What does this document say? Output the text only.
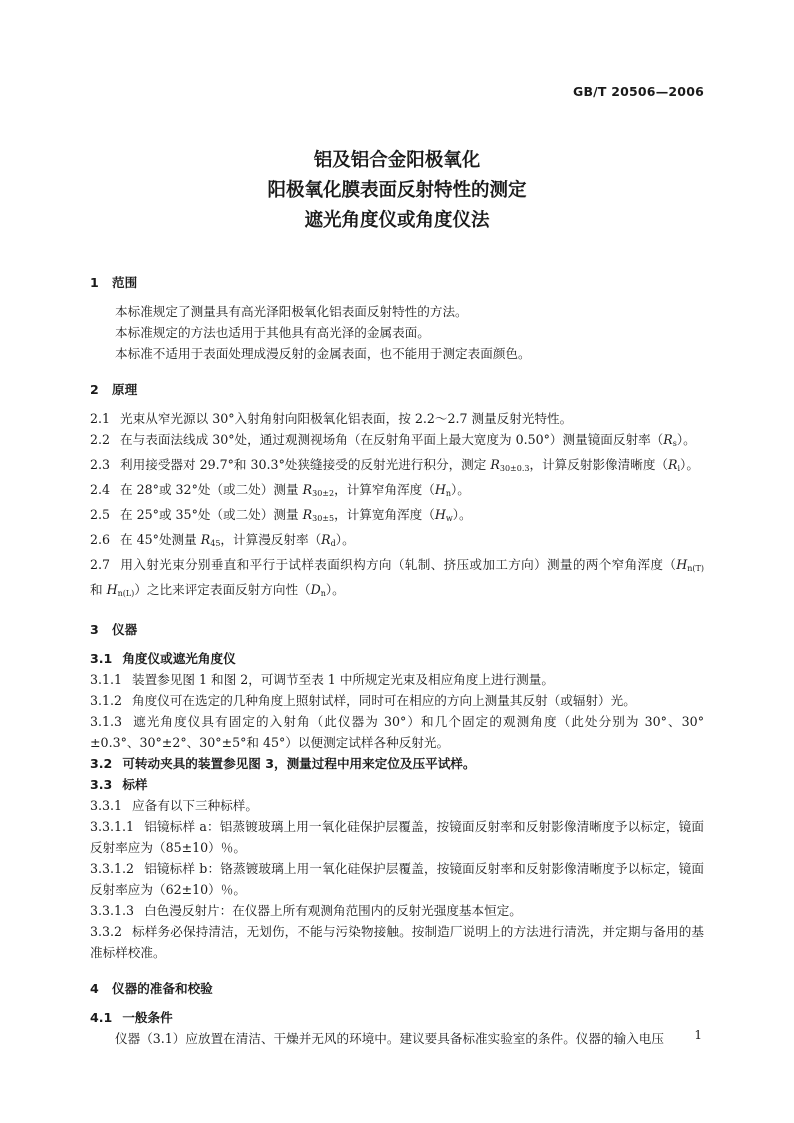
GB/T 20506—2006
铝及铝合金阳极氧化
阳极氧化膜表面反射特性的测定
遮光角度仪或角度仪法
1 范围

本标准规定了测量具有高光泽阳极氧化铝表面反射特性的方法。

本标准规定的方法也适用于其他具有高光泽的金属表面。

本标准不适用于表面处理成漫反射的金属表面，也不能用于测定表面颜色。

2 原理

2.1 光束从窄光源以 30°入射角射向阳极氧化铝表面，按 2.2～2.7 测量反射光特性。

2.2 在与表面法线成 30°处，通过观测视场角（在反射角平面上最大宽度为 0.50°）测量镜面反射率$(R_s)$。

2.3 利用接受器对 29.7°和 30.3°处狭缝接受的反射光进行积分，测定 $R_{30\pm 0.3}$，计算反射影像清晰度$(R_i)$。

2.4 在 28°或 32°处（或二处）测量 $R_{30\pm 2}$，计算窄角浑度$(H_n)$。

2.5 在 25°或 35°处（或二处）测量 $R_{30\pm 5}$，计算宽角浑度$(H_w)$。

2.6 在 45°处测量 $R_{45}$，计算漫反射率$(R_d)$。

2.7 用入射光束分别垂直和平行于试样表面织构方向（轧制、挤压或加工方向）测量的两个窄角浑度（$H_{n(T)}$ 和 $H_{n(L)}$）之比来评定表面反射方向性$(D_n)$。

3 仪器

3.1 角度仪或遮光角度仪

3.1.1 装置参见图 1 和图 2，可调节至表 1 中所规定光束及相应角度上进行测量。

3.1.2 角度仪可在选定的几种角度上照射试样，同时可在相应的方向上测量其反射（或辐射）光。

3.1.3 遮光角度仪具有固定的入射角（此仪器为 30°）和几个固定的观测角度（此处分别为 30°、30°±0.3°、30°±2°、30°±5°和 45°）以便测定试样各种反射光。

3.2 可转动夹具的装置参见图 3，测量过程中用来定位及压平试样。

3.3 标样

3.3.1 应备有以下三种标样。

3.3.1.1 铝镜标样 a：铝蒸镀玻璃上用一氧化硅保护层覆盖，按镜面反射率和反射影像清晰度予以标定，镜面反射率应为（85±10）％。

3.3.1.2 铝镜标样 b：铬蒸镀玻璃上用一氧化硅保护层覆盖，按镜面反射率和反射影像清晰度予以标定，镜面反射率应为（62±10）％。

3.3.1.3 白色漫反射片：在仪器上所有观测角范围内的反射光强度基本恒定。

3.3.2 标样务必保持清洁，无划伤，不能与污染物接触。按制造厂说明上的方法进行清洗，并定期与备用的基准标样校准。

4 仪器的准备和校验

4.1 一般条件

仪器（3.1）应放置在清洁、干燥并无风的环境中。建议要具备标准实验室的条件。仪器的输入电压	1
